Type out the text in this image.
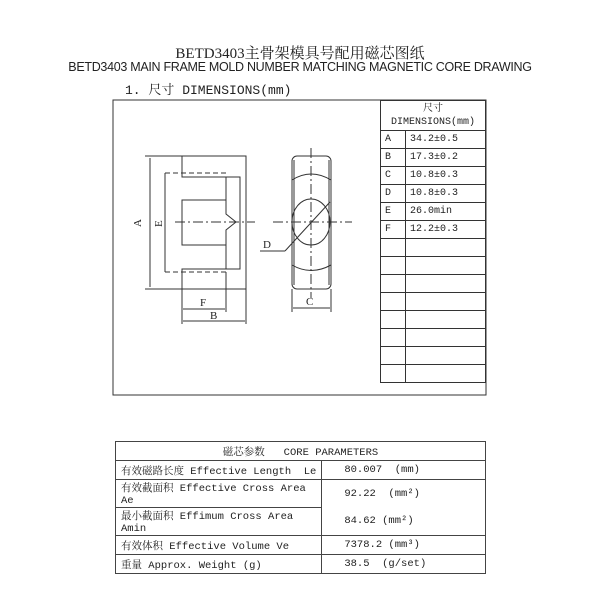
BETD3403主骨架模具号配用磁芯图纸
BETD3403 MAIN FRAME MOLD NUMBER MATCHING MAGNETIC CORE DRAWING
1. 尺寸 DIMENSIONS(mm)
A E
F
B
C
D
尺寸
DIMENSIONS(mm)	
A	34.2±0.5
B	17.3±0.2
C	10.8±0.3
D	10.8±0.3
E	26.0min
F	12.2±0.3

磁芯参数   CORE PARAMETERS	
有效磁路长度 Effective Length  Le	80.007  (mm)
有效截面积 Effective Cross Area Ae	92.22  (mm²)
最小截面积 Effimum Cross Area Amin	84.62 (mm²)
有效体积 Effective Volume Ve	7378.2 (mm³)
重量 Approx. Weight (g)	38.5  (g/set)
